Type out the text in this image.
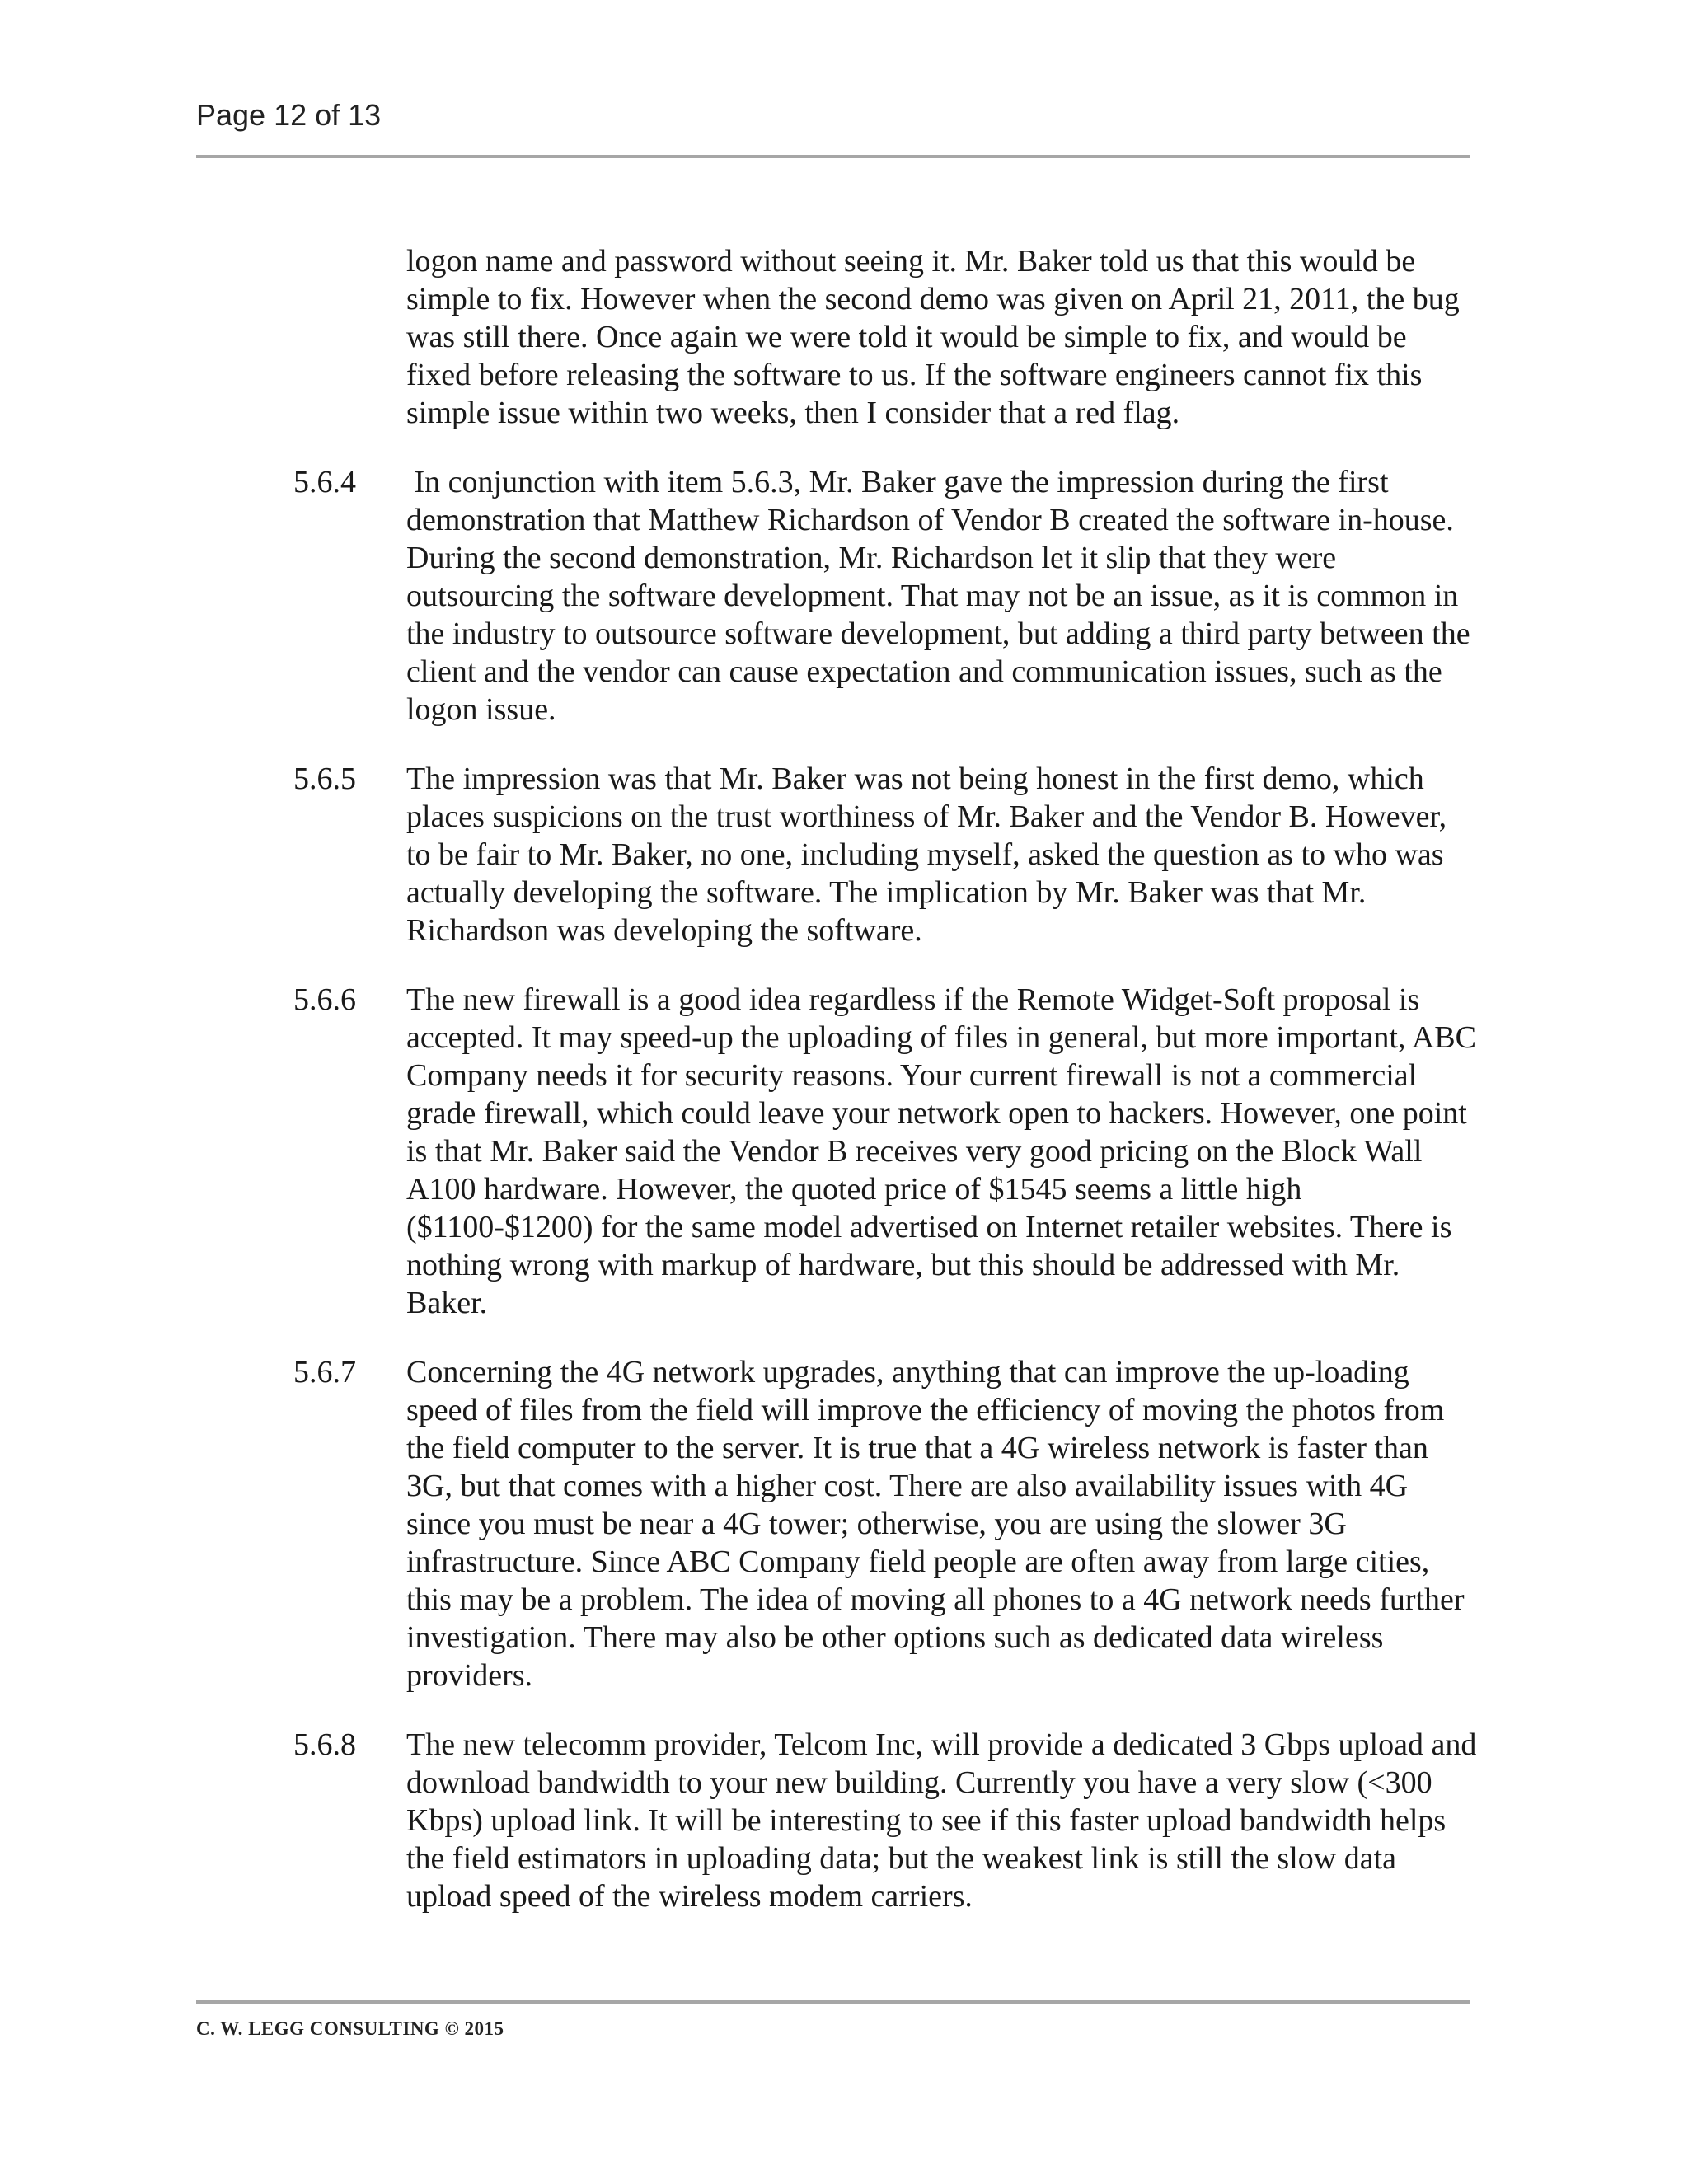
Page 12 of 13

logon name and password without seeing it. Mr. Baker told us that this would be simple to fix. However when the second demo was given on April 21, 2011, the bug was still there. Once again we were told it would be simple to fix, and would be fixed before releasing the software to us. If the software engineers cannot fix this simple issue within two weeks, then I consider that a red flag.

5.6.4 In conjunction with item 5.6.3, Mr. Baker gave the impression during the first demonstration that Matthew Richardson of Vendor B created the software in-house. During the second demonstration, Mr. Richardson let it slip that they were outsourcing the software development. That may not be an issue, as it is common in the industry to outsource software development, but adding a third party between the client and the vendor can cause expectation and communication issues, such as the logon issue.

5.6.5 The impression was that Mr. Baker was not being honest in the first demo, which places suspicions on the trust worthiness of Mr. Baker and the Vendor B. However, to be fair to Mr. Baker, no one, including myself, asked the question as to who was actually developing the software. The implication by Mr. Baker was that Mr. Richardson was developing the software.

5.6.6 The new firewall is a good idea regardless if the Remote Widget-Soft proposal is accepted. It may speed-up the uploading of files in general, but more important, ABC Company needs it for security reasons. Your current firewall is not a commercial grade firewall, which could leave your network open to hackers. However, one point is that Mr. Baker said the Vendor B receives very good pricing on the Block Wall A100 hardware. However, the quoted price of $1545 seems a little high ($1100-$1200) for the same model advertised on Internet retailer websites. There is nothing wrong with markup of hardware, but this should be addressed with Mr. Baker.

5.6.7 Concerning the 4G network upgrades, anything that can improve the up-loading speed of files from the field will improve the efficiency of moving the photos from the field computer to the server. It is true that a 4G wireless network is faster than 3G, but that comes with a higher cost. There are also availability issues with 4G since you must be near a 4G tower; otherwise, you are using the slower 3G infrastructure. Since ABC Company field people are often away from large cities, this may be a problem. The idea of moving all phones to a 4G network needs further investigation. There may also be other options such as dedicated data wireless providers.

5.6.8 The new telecomm provider, Telcom Inc, will provide a dedicated 3 Gbps upload and download bandwidth to your new building. Currently you have a very slow (<300 Kbps) upload link. It will be interesting to see if this faster upload bandwidth helps the field estimators in uploading data; but the weakest link is still the slow data upload speed of the wireless modem carriers.

C. W. LEGG CONSULTING © 2015
